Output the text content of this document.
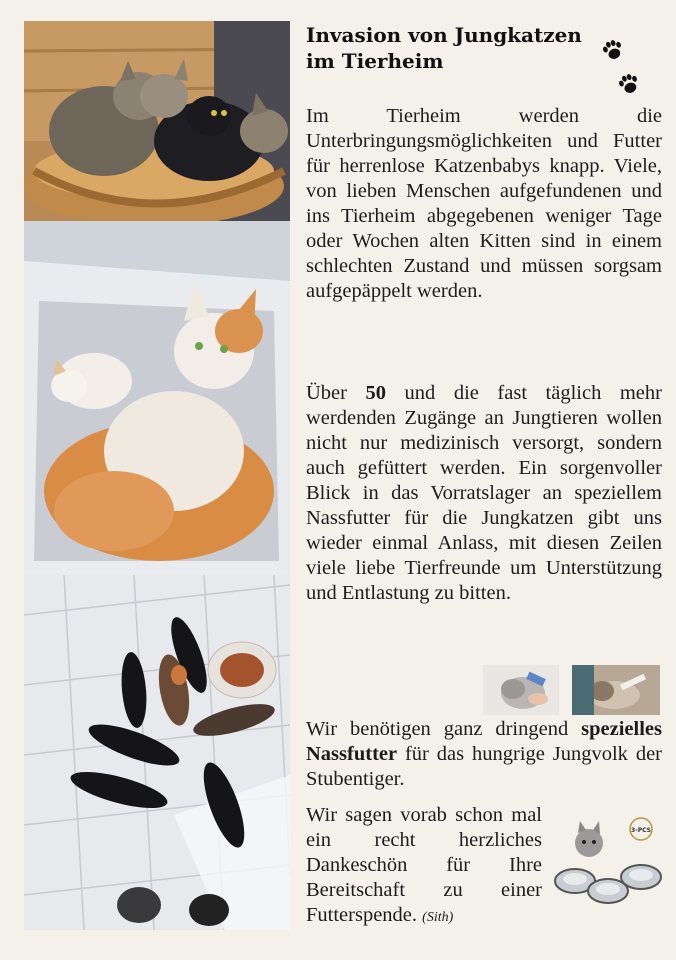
Invasion von Jungkatzen
im Tierheim

Im Tierheim werden die Unterbringungsmöglichkeiten und Futter für herrenlose Katzenbabys knapp. Viele, von lieben Menschen aufgefundenen und ins Tierheim abgegebenen weniger Tage oder Wochen alten Kitten sind in einem schlechten Zustand und müssen sorgsam aufgepäppelt werden.

Über 50 und die fast täglich mehr werdenden Zugänge an Jungtieren wollen nicht nur medizinisch versorgt, sondern auch gefüttert werden. Ein sorgenvoller Blick in das Vorratslager an speziellem Nassfutter für die Jungkatzen gibt uns wieder einmal Anlass, mit diesen Zeilen viele liebe Tierfreunde um Unterstützung und Entlastung zu bitten.

Wir benötigen ganz dringend spezielles Nassfutter für das hungrige Jungvolk der Stubentiger.

Wir sagen vorab schon mal ein recht herzliches Dankeschön für Ihre Bereitschaft zu einer Futterspende. (Sith)

3-PCS
